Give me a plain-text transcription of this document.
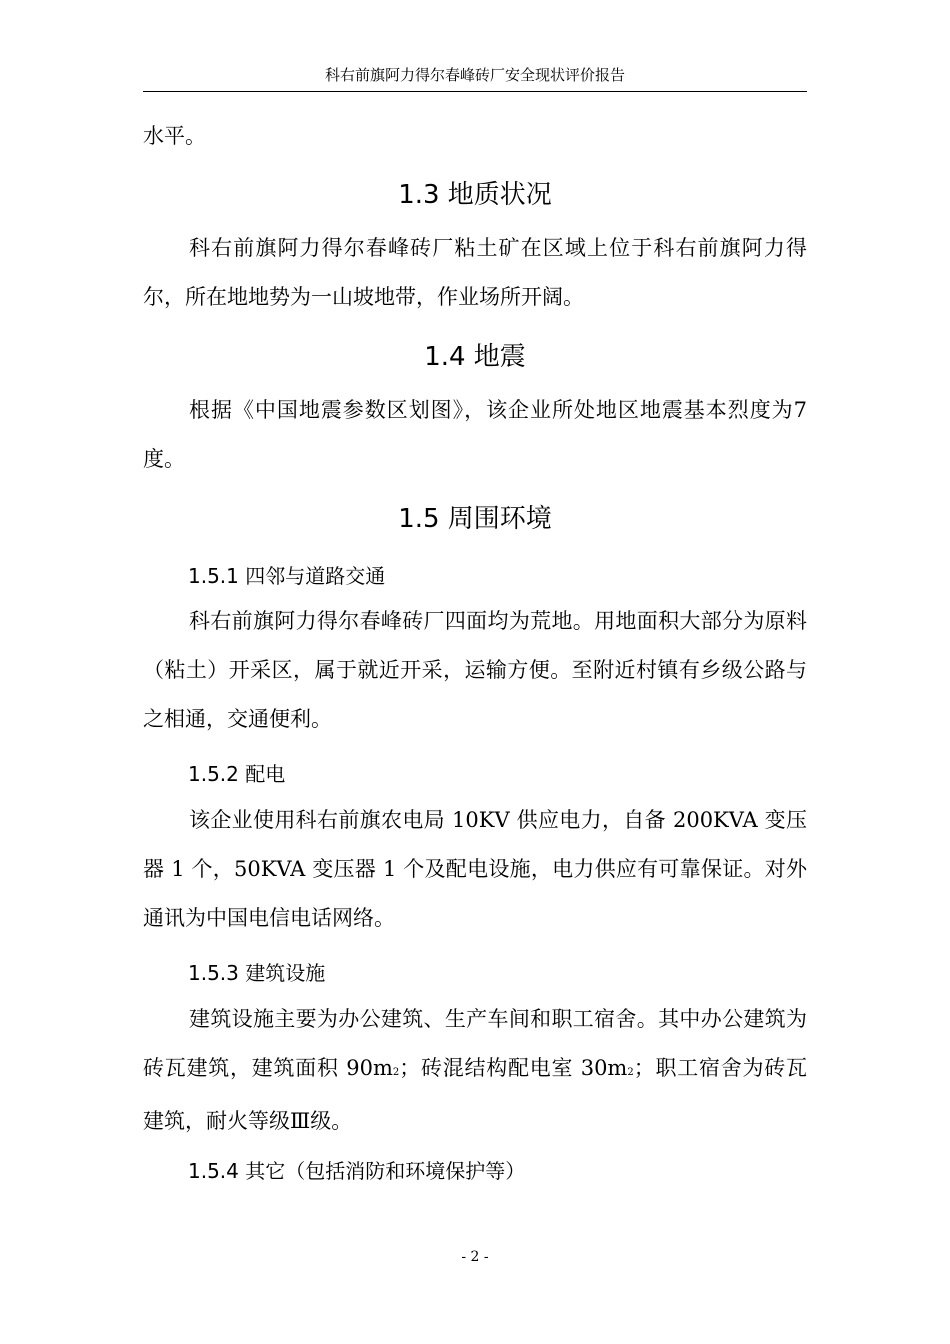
科右前旗阿力得尔春峰砖厂安全现状评价报告
水平。
1.3 地质状况
科右前旗阿力得尔春峰砖厂粘土矿在区域上位于科右前旗阿力得尔，所在地地势为一山坡地带，作业场所开阔。
1.4 地震
根据《中国地震参数区划图》，该企业所处地区地震基本烈度为7度。
1.5 周围环境
1.5.1 四邻与道路交通
科右前旗阿力得尔春峰砖厂四面均为荒地。用地面积大部分为原料（粘土）开采区，属于就近开采，运输方便。至附近村镇有乡级公路与之相通，交通便利。
1.5.2 配电
该企业使用科右前旗农电局 10KV 供应电力，自备 200KVA 变压器 1 个，50KVA 变压器 1 个及配电设施，电力供应有可靠保证。对外通讯为中国电信电话网络。
1.5.3 建筑设施
建筑设施主要为办公建筑、生产车间和职工宿舍。其中办公建筑为砖瓦建筑，建筑面积 90m2；砖混结构配电室 30m2；职工宿舍为砖瓦建筑，耐火等级Ⅲ级。
1.5.4 其它（包括消防和环境保护等）
- 2 -
